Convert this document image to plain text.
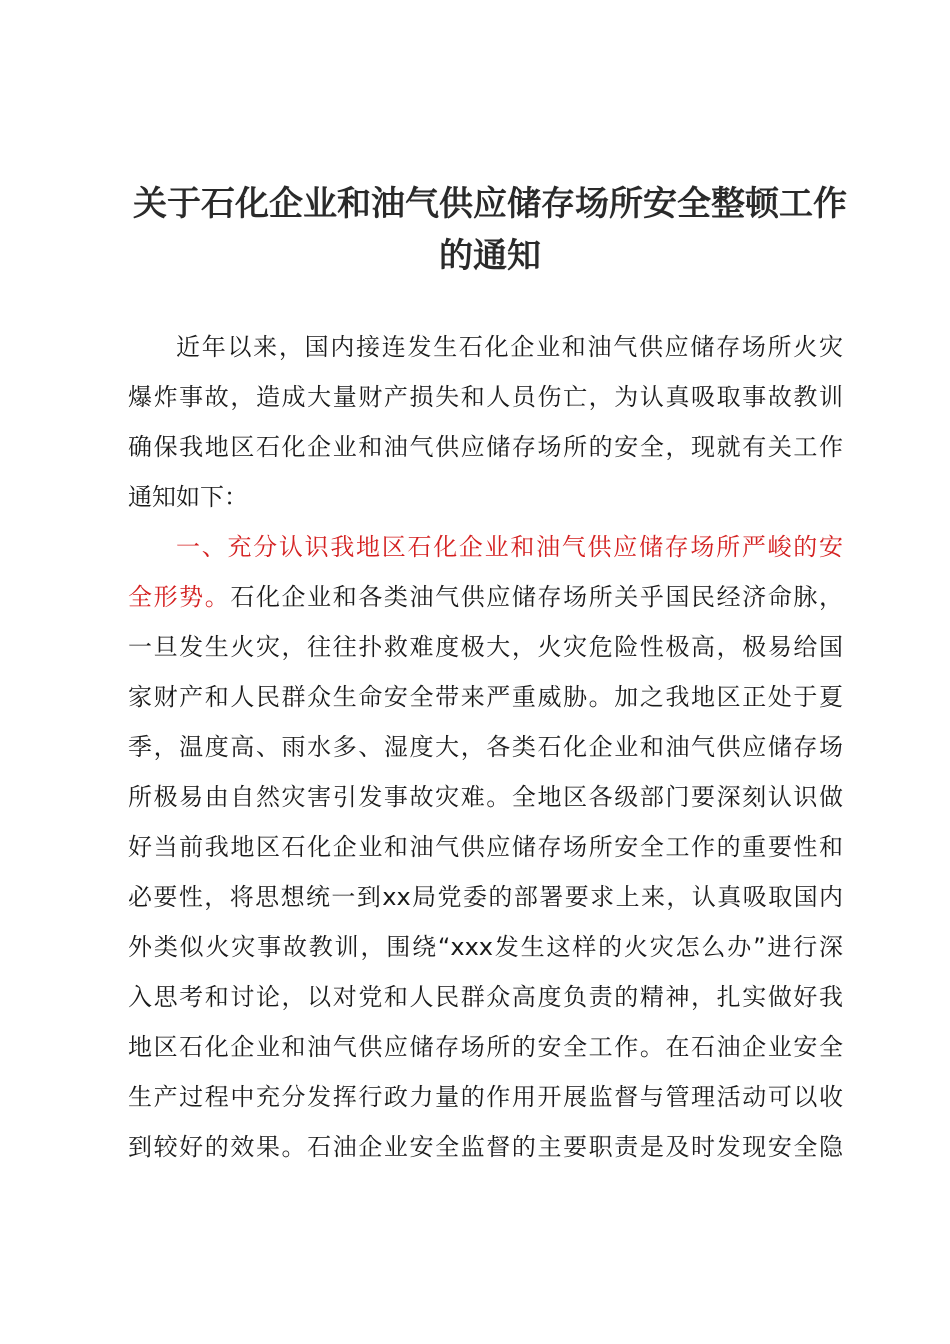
关于石化企业和油气供应储存场所安全整顿工作
的通知

近年以来，国内接连发生石化企业和油气供应储存场所火灾
爆炸事故，造成大量财产损失和人员伤亡，为认真吸取事故教训
确保我地区石化企业和油气供应储存场所的安全，现就有关工作
通知如下：

一、充分认识我地区石化企业和油气供应储存场所严峻的安
全形势。石化企业和各类油气供应储存场所关乎国民经济命脉，
一旦发生火灾，往往扑救难度极大，火灾危险性极高，极易给国
家财产和人民群众生命安全带来严重威胁。加之我地区正处于夏
季，温度高、雨水多、湿度大，各类石化企业和油气供应储存场
所极易由自然灾害引发事故灾难。全地区各级部门要深刻认识做
好当前我地区石化企业和油气供应储存场所安全工作的重要性和
必要性，将思想统一到xx局党委的部署要求上来，认真吸取国内
外类似火灾事故教训，围绕“xxx发生这样的火灾怎么办”进行深
入思考和讨论，以对党和人民群众高度负责的精神，扎实做好我
地区石化企业和油气供应储存场所的安全工作。在石油企业安全
生产过程中充分发挥行政力量的作用开展监督与管理活动可以收
到较好的效果。石油企业安全监督的主要职责是及时发现安全隐
